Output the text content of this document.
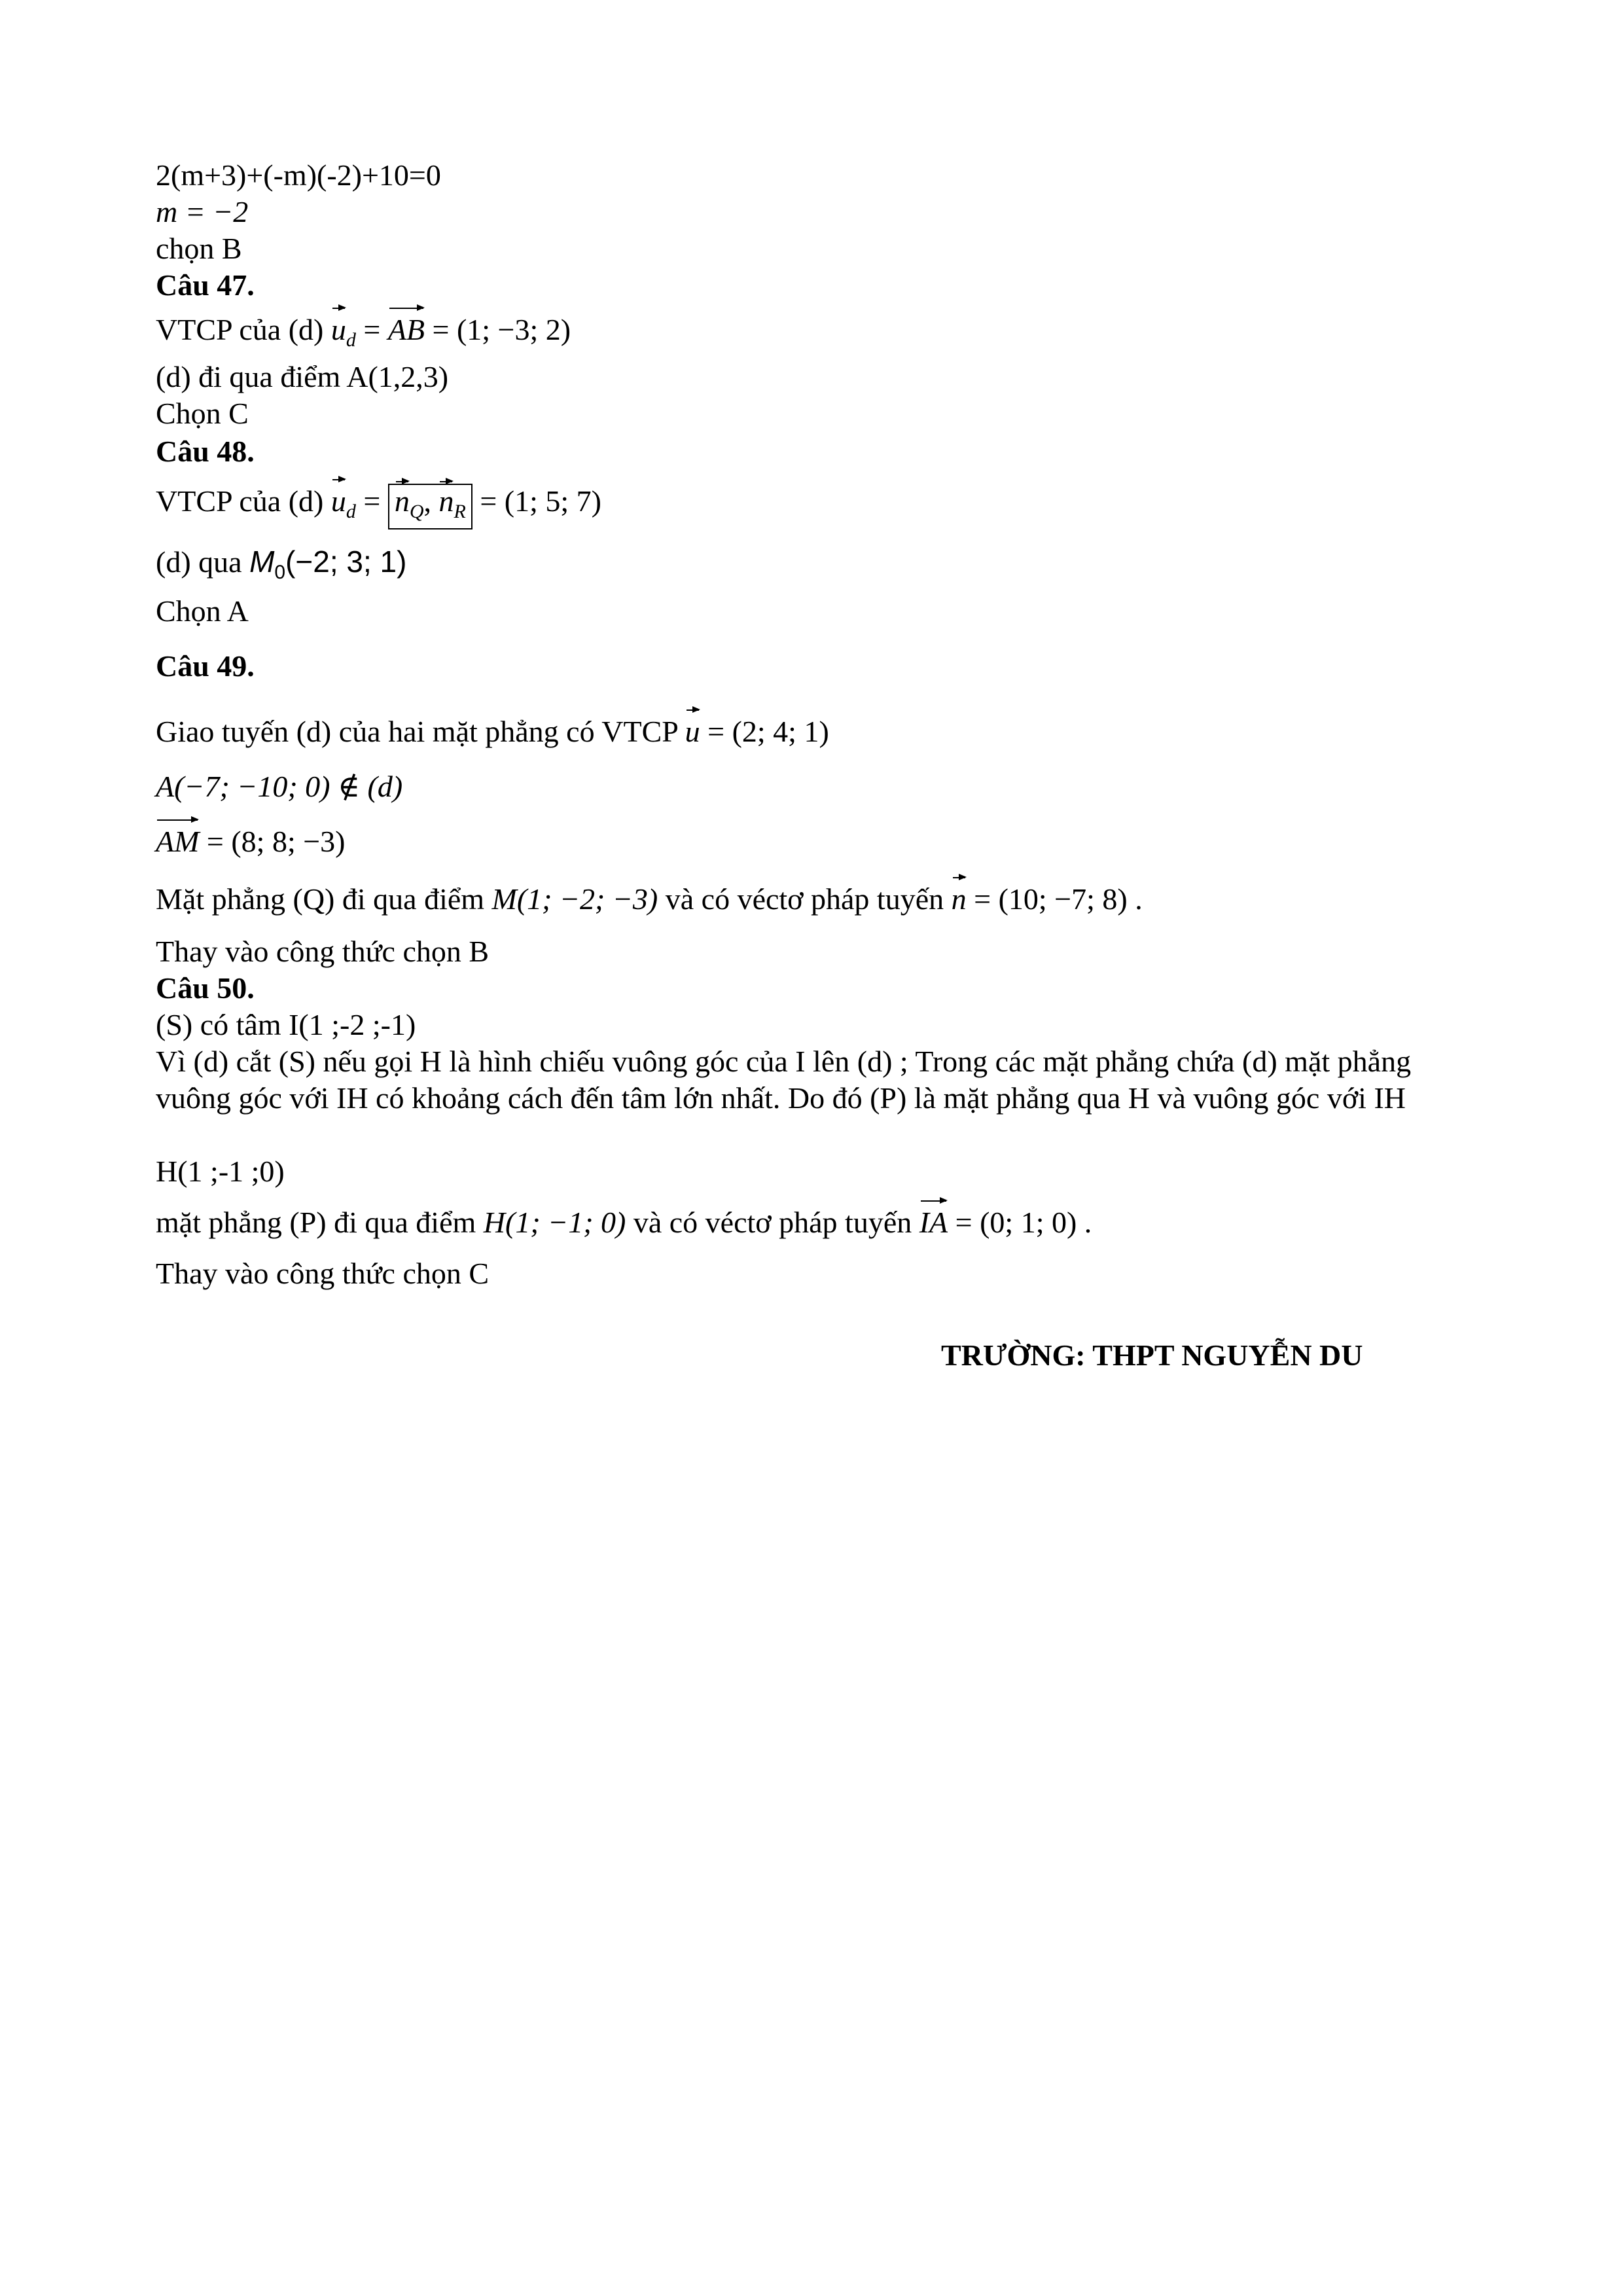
2(m+3)+(-m)(-2)+10=0
m = −2
chọn B
Câu 47.
VTCP của (d) $u_d$ = AB = (1; −3; 2)
(d) đi qua điểm A(1,2,3)
Chọn C
Câu 48.
VTCP của (d) $u_d = n_Q$, $n_R = (1$; 5; 7)
(d) qua $M_0(-2$; 3; 1)
Chọn A
Câu 49.
Giao tuyến (d) của hai mặt phẳng có VTCP u = (2; 4; 1)
A(−7; −10; 0) ∉ (d)
AM = (8; 8; −3)
Mặt phẳng (Q) đi qua điểm M(1; −2; −3) và có véctơ pháp tuyến n = (10; −7; 8) .
Thay vào công thức chọn B
Câu 50.
(S) có tâm I(1 ;-2 ;-1)
Vì (d) cắt (S) nếu gọi H là hình chiếu vuông góc của I lên (d) ; Trong các mặt phẳng chứa (d) mặt phẳng vuông góc với IH có khoảng cách đến tâm lớn nhất. Do đó (P) là mặt phẳng qua H và vuông góc với IH
H(1 ;-1 ;0)
mặt phẳng (P) đi qua điểm H(1; −1; 0) và có véctơ pháp tuyến IA = (0; 1; 0) .
Thay vào công thức chọn C
TRƯỜNG: THPT NGUYỄN DU
